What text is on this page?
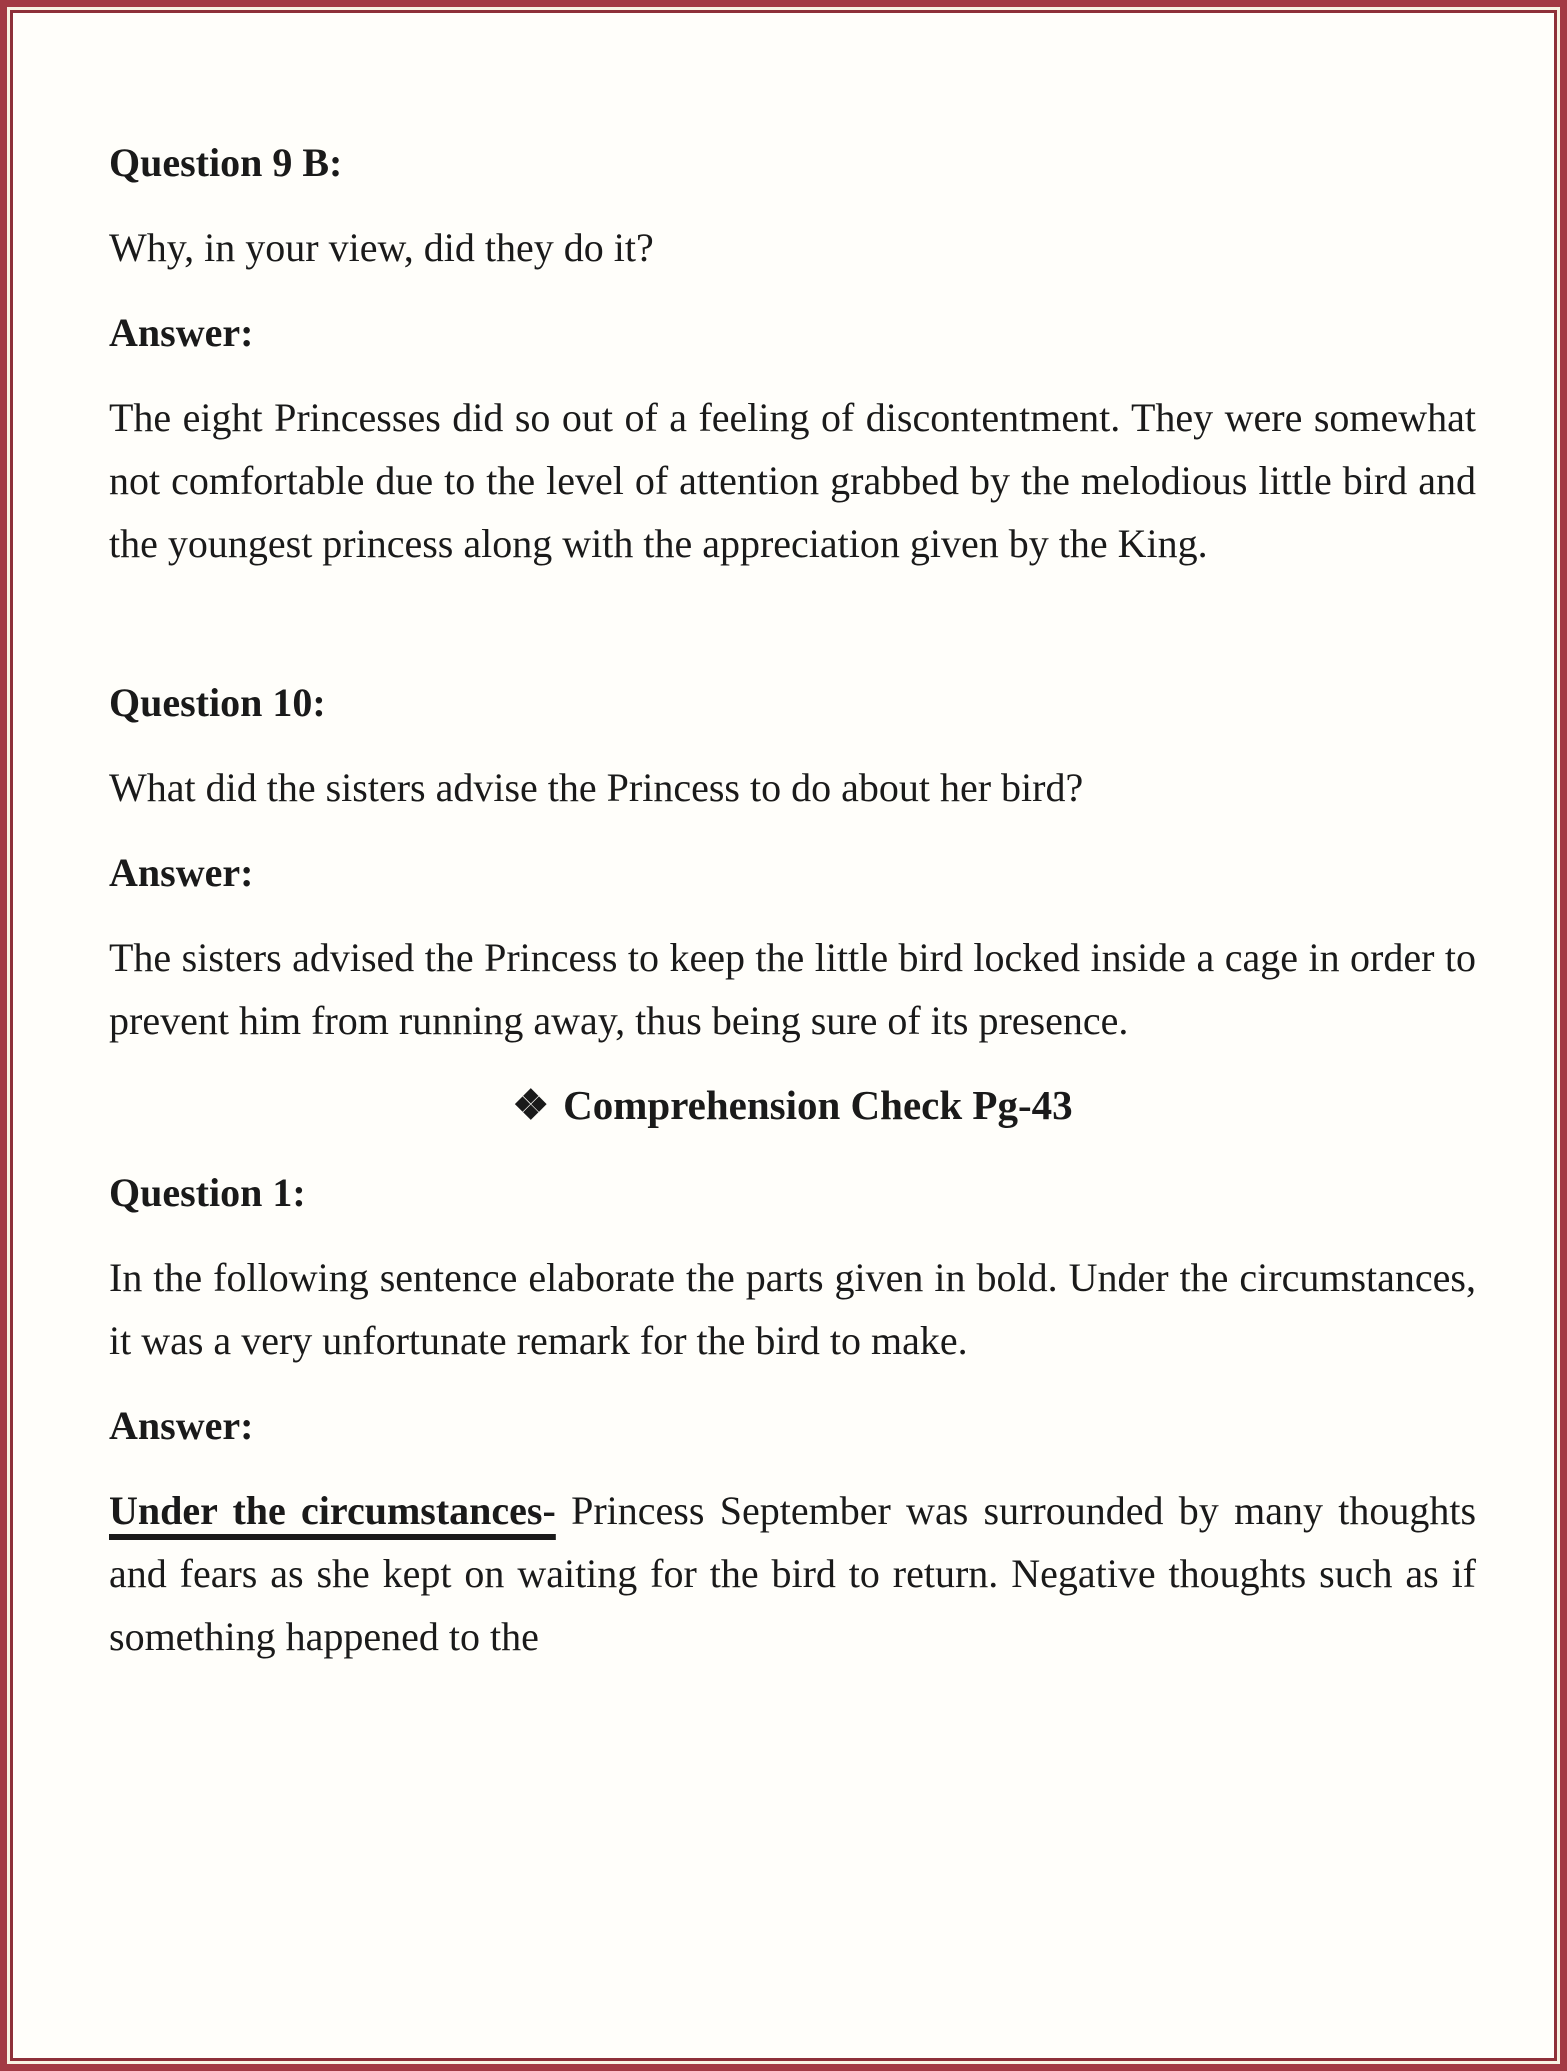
Question 9 B:
Why, in your view, did they do it?
Answer:

The eight Princesses did so out of a feeling of discontentment. They were somewhat not comfortable due to the level of attention grabbed by the melodious little bird and the youngest princess along with the appreciation given by the King.

Question 10:
What did the sisters advise the Princess to do about her bird?
Answer:

The sisters advised the Princess to keep the little bird locked inside a cage in order to prevent him from running away, thus being sure of its presence.

❖ Comprehension Check Pg-43
Question 1:

In the following sentence elaborate the parts given in bold. Under the circumstances, it was a very unfortunate remark for the bird to make.

Answer:

Under the circumstances- Princess September was surrounded by many thoughts and fears as she kept on waiting for the bird to return. Negative thoughts such as if something happened to the
